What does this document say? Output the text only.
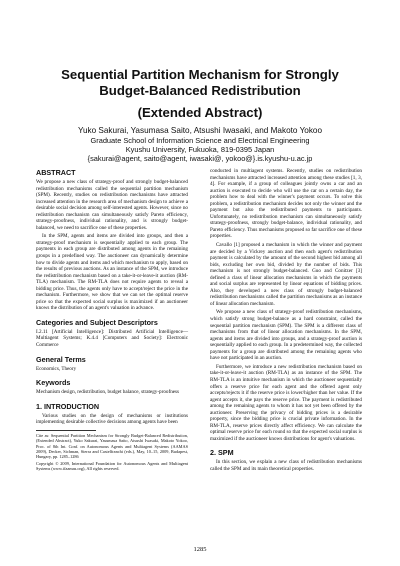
Sequential Partition Mechanism for Strongly Budget-Balanced Redistribution
(Extended Abstract)
Yuko Sakurai, Yasumasa Saito, Atsushi Iwasaki, and Makoto Yokoo
Graduate School of Information Science and Electrical Engineering
Kyushu University, Fukuoka, 819-0395 Japan
{sakurai@agent, saito@agent, iwasaki@, yokoo@}.is.kyushu-u.ac.jp
ABSTRACT

We propose a new class of strategy-proof and strongly budget-balanced redistribution mechanisms called the sequential partition mechanism (SPM). Recently, studies on redistribution mechanisms have attracted increased attention in the research area of mechanism design to achieve a desirable social decision among self-interested agents. However, since no redistribution mechanism can simultaneously satisfy Pareto efficiency, strategy-proofness, individual rationality, and is strongly budget-balanced, we need to sacrifice one of these properties.

In the SPM, agents and items are divided into groups, and then a strategy-proof mechanism is sequentially applied to each group. The payments in each group are distributed among agents in the remaining groups in a predefined way. The auctioneer can dynamically determine how to divide agents and items and which mechanism to apply, based on the results of previous auctions. As an instance of the SPM, we introduce the redistribution mechanism based on a take-it-or-leave-it auction (RM-TLA) mechanism. The RM-TLA does not require agents to reveal a bidding price. Thus, the agents only have to accept/reject the price in the mechanism. Furthermore, we show that we can set the optimal reserve price so that the expected social surplus is maximized if an auctioneer knows the distribution of an agent's valuation in advance.

Categories and Subject Descriptors

I.2.11 [Artificial Intelligence]: Distributed Artificial Intelligence—Multiagent Systems; K.4.4 [Computers and Society]: Electronic Commerce

General Terms

Economics, Theory

Keywords

Mechanism design, redistribution, budget balance, strategy-proofness

1. INTRODUCTION

Various studies on the design of mechanisms or institutions implementing desirable collective decisions among agents have been

Cite as: Sequential Partition Mechanism for Strongly Budget-Balanced Redistribution, (Extended Abstract), Yuko Sakurai, Yasumasa Saito, Atsushi Iwasaki, Makoto Yokoo, Proc. of 8th Int. Conf. on Autonomous Agents and Multiagent Systems (AAMAS 2009), Decker, Sichman, Sierra and Castelfranchi (eds.), May, 10–15, 2009, Budapest, Hungary, pp. 1285–1286

Copyright © 2009, International Foundation for Autonomous Agents and Multiagent Systems (www.ifaamas.org), All rights reserved.

conducted in multiagent systems. Recently, studies on redistribution mechanisms have attracted increased attention among these studies [1, 3, 4]. For example, if a group of colleagues jointly owns a car and an auction is executed to decide who will use the car on a certain day, the problem how to deal with the winner's payment occurs. To solve this problem, a redistribution mechanism decides not only the winner and the payment but also the redistributed payments to participants. Unfortunately, no redistribution mechanism can simultaneously satisfy strategy-proofness, strongly budget-balance, individual rationality, and Pareto efficiency. Thus mechanisms proposed so far sacrifice one of these properties.

Cavallo [1] proposed a mechanism in which the winner and payment are decided by a Vickrey auction and then each agent's redistribution payment is calculated by the amount of the second highest bid among all bids, excluding her own bid, divided by the number of bids. This mechanism is not strongly budget-balanced. Guo and Conitzer [3] defined a class of linear allocation mechanisms in which the payments and social surplus are represented by linear equations of bidding prices. Also, they developed a new class of strongly budget-balanced redistribution mechanisms called the partition mechanisms as an instance of linear allocation mechanism.

We propose a new class of strategy-proof redistribution mechanisms, which satisfy strong budget-balance as a hard constraint, called the sequential partition mechanism (SPM). The SPM is a different class of mechanisms from that of linear allocation mechanisms. In the SPM, agents and items are divided into groups, and a strategy-proof auction is sequentially applied to each group. In a predetermined way, the collected payments for a group are distributed among the remaining agents who have not participated in an auction.

Furthermore, we introduce a new redistribution mechanism based on take-it-or-leave-it auction (RM-TLA) as an instance of the SPM. The RM-TLA is an intuitive mechanism in which the auctioneer sequentially offers a reserve price for each agent and the offered agent only accepts/rejects it if the reserve price is lower/higher than her value. If the agent accepts it, she pays the reserve price. The payment is redistributed among the remaining agents to whom it has not yet been offered by the auctioneer. Preserving the privacy of bidding prices is a desirable property, since the bidding price is crucial private information. In the RM-TLA, reserve prices directly affect efficiency. We can calculate the optimal reserve price for each round so that the expected social surplus is maximized if the auctioneer knows distributions for agent's valuations.

2. SPM

In this section, we explain a new class of redistribution mechanisms called the SPM and its main theoretical properties.

1285
